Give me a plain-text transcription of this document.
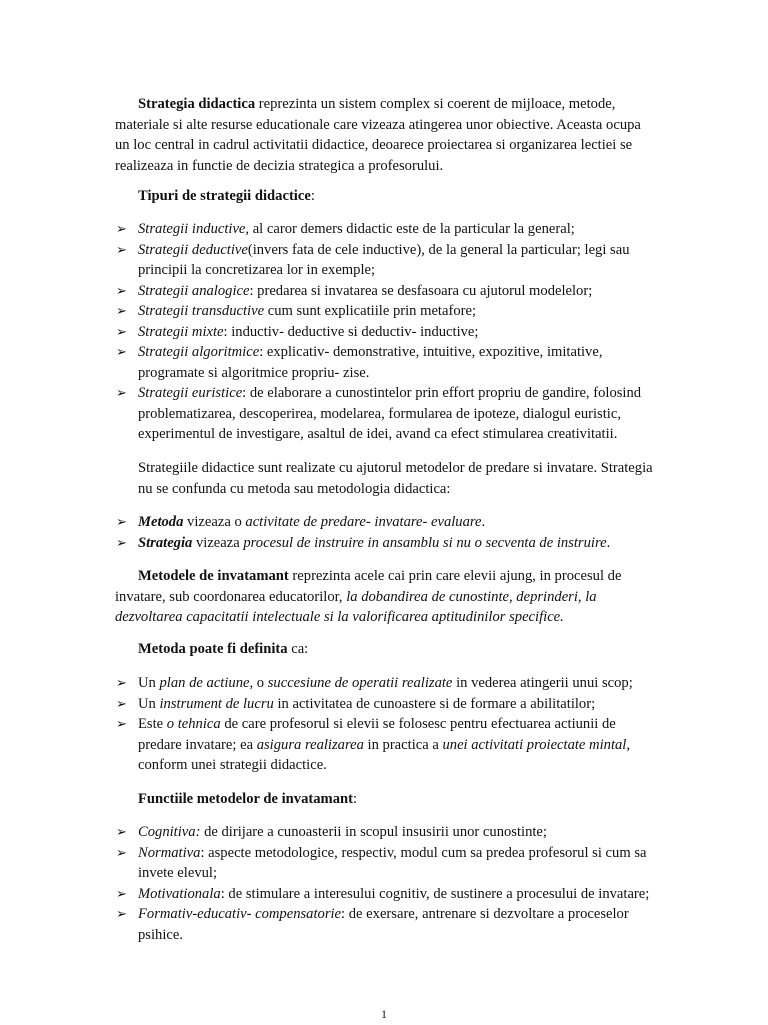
Strategia didactica reprezinta un sistem complex si coerent de mijloace, metode, materiale si alte resurse educationale care vizeaza atingerea unor obiective. Aceasta ocupa un loc central in cadrul activitatii didactice, deoarece proiectarea si organizarea lectiei se realizeaza in functie de decizia strategica a profesorului.

Tipuri de strategii didactice:

➢ Strategii inductive, al caror demers didactic este de la particular la general;
➢ Strategii deductive(invers fata de cele inductive), de la general la particular; legi sau principii la concretizarea lor in exemple;
➢ Strategii analogice: predarea si invatarea se desfasoara cu ajutorul modelelor;
➢ Strategii transductive cum sunt explicatiile prin metafore;
➢ Strategii mixte: inductiv- deductive si deductiv- inductive;
➢ Strategii algoritmice: explicativ- demonstrative, intuitive, expozitive, imitative, programate si algoritmice propriu- zise.
➢ Strategii euristice: de elaborare a cunostintelor prin effort propriu de gandire, folosind problematizarea, descoperirea, modelarea, formularea de ipoteze, dialogul euristic, experimentul de investigare, asaltul de idei, avand ca efect stimularea creativitatii.

Strategiile didactice sunt realizate cu ajutorul metodelor de predare si invatare. Strategia nu se confunda cu metoda sau metodologia didactica:

➢ Metoda vizeaza o activitate de predare- invatare- evaluare.
➢ Strategia vizeaza procesul de instruire in ansamblu si nu o secventa de instruire.

Metodele de invatamant reprezinta acele cai prin care elevii ajung, in procesul de invatare, sub coordonarea educatorilor, la dobandirea de cunostinte, deprinderi, la dezvoltarea capacitatii intelectuale si la valorificarea aptitudinilor specifice.

Metoda poate fi definita ca:

➢ Un plan de actiune, o succesiune de operatii realizate in vederea atingerii unui scop;
➢ Un instrument de lucru in activitatea de cunoastere si de formare a abilitatilor;
➢ Este o tehnica de care profesorul si elevii se folosesc pentru efectuarea actiunii de predare invatare; ea asigura realizarea in practica a unei activitati proiectate mintal, conform unei strategii didactice.

Functiile metodelor de invatamant:

➢ Cognitiva: de dirijare a cunoasterii in scopul insusirii unor cunostinte;
➢ Normativa: aspecte metodologice, respectiv, modul cum sa predea profesorul si cum sa invete elevul;
➢ Motivationala: de stimulare a interesului cognitiv, de sustinere a procesului de invatare;
➢ Formativ-educativ- compensatorie: de exersare, antrenare si dezvoltare a proceselor psihice.
1
